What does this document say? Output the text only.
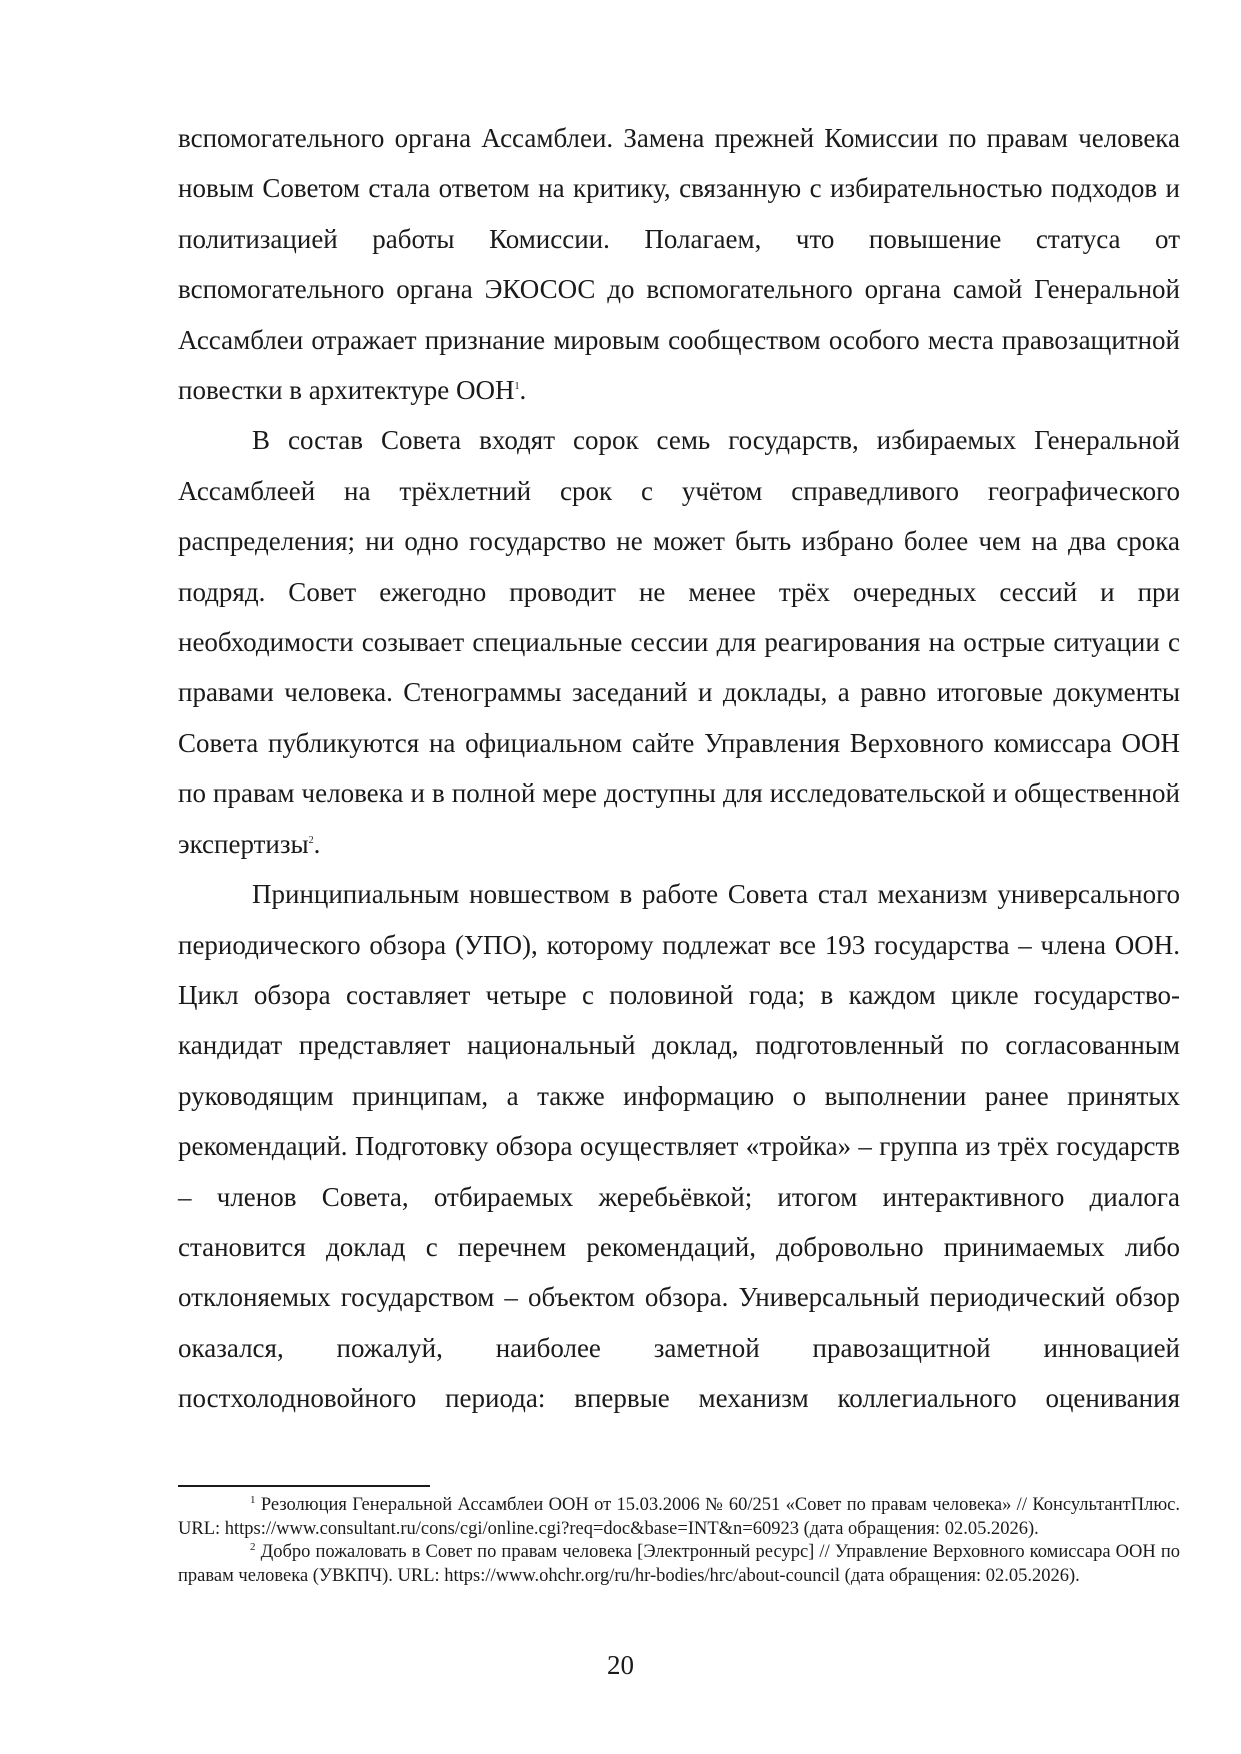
вспомогательного органа Ассамблеи. Замена прежней Комиссии по правам человека новым Советом стала ответом на критику, связанную с избирательностью подходов и политизацией работы Комиссии. Полагаем, что повышение статуса от вспомогательного органа ЭКОСОС до вспомогательного органа самой Генеральной Ассамблеи отражает признание мировым сообществом особого места правозащитной повестки в архитектуре ООН$^1$.

В состав Совета входят сорок семь государств, избираемых Генеральной Ассамблеей на трёхлетний срок с учётом справедливого географического распределения; ни одно государство не может быть избрано более чем на два срока подряд. Совет ежегодно проводит не менее трёх очередных сессий и при необходимости созывает специальные сессии для реагирования на острые ситуации с правами человека. Стенограммы заседаний и доклады, а равно итоговые документы Совета публикуются на официальном сайте Управления Верховного комиссара ООН по правам человека и в полной мере доступны для исследовательской и общественной экспертизы$^2$.

Принципиальным новшеством в работе Совета стал механизм универсального периодического обзора (УПО), которому подлежат все 193 государства – члена ООН. Цикл обзора составляет четыре с половиной года; в каждом цикле государство-кандидат представляет национальный доклад, подготовленный по согласованным руководящим принципам, а также информацию о выполнении ранее принятых рекомендаций. Подготовку обзора осуществляет «тройка» – группа из трёх государств – членов Совета, отбираемых жеребьёвкой; итогом интерактивного диалога становится доклад с перечнем рекомендаций, добровольно принимаемых либо отклоняемых государством – объектом обзора. Универсальный периодический обзор оказался, пожалуй, наиболее заметной правозащитной инновацией постхолодновойного периода: впервые механизм коллегиального оценивания

$^1$ Резолюция Генеральной Ассамблеи ООН от 15.03.2006 № 60/251 «Совет по правам человека» // КонсультантПлюс. URL: https://www.consultant.ru/cons/cgi/online.cgi?req=doc&base=INT&n=60923 (дата обращения: 02.05.2026).

$^2$ Добро пожаловать в Совет по правам человека [Электронный ресурс] // Управление Верховного комиссара ООН по правам человека (УВКПЧ). URL: https://www.ohchr.org/ru/hr-bodies/hrc/about-council (дата обращения: 02.05.2026).

20
